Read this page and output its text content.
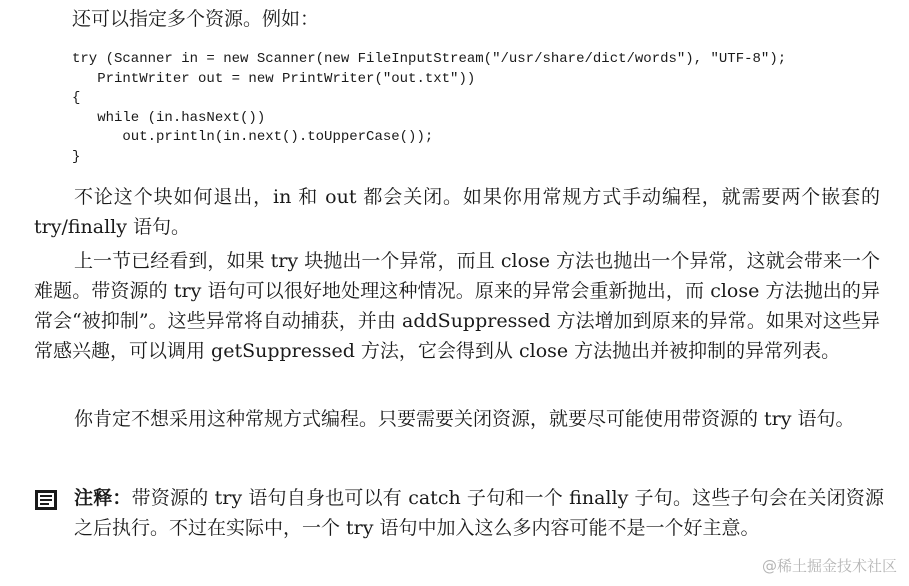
还可以指定多个资源。例如：
try (Scanner in = new Scanner(new FileInputStream("/usr/share/dict/words"), "UTF-8");
PrintWriter out = new PrintWriter("out.txt"))
{
while (in.hasNext())
out.println(in.next().toUpperCase());
}

不论这个块如何退出，in 和 out 都会关闭。如果你用常规方式手动编程，就需要两个嵌套的 try/finally 语句。

上一节已经看到，如果 try 块抛出一个异常，而且 close 方法也抛出一个异常，这就会带来一个难题。带资源的 try 语句可以很好地处理这种情况。原来的异常会重新抛出，而 close 方法抛出的异常会“被抑制”。这些异常将自动捕获，并由 addSuppressed 方法增加到原来的异常。如果对这些异常感兴趣，可以调用 getSuppressed 方法，它会得到从 close 方法抛出并被抑制的异常列表。

你肯定不想采用这种常规方式编程。只要需要关闭资源，就要尽可能使用带资源的 try 语句。

注释：带资源的 try 语句自身也可以有 catch 子句和一个 finally 子句。这些子句会在关闭资源之后执行。不过在实际中，一个 try 语句中加入这么多内容可能不是一个好主意。
@稀土掘金技术社区
